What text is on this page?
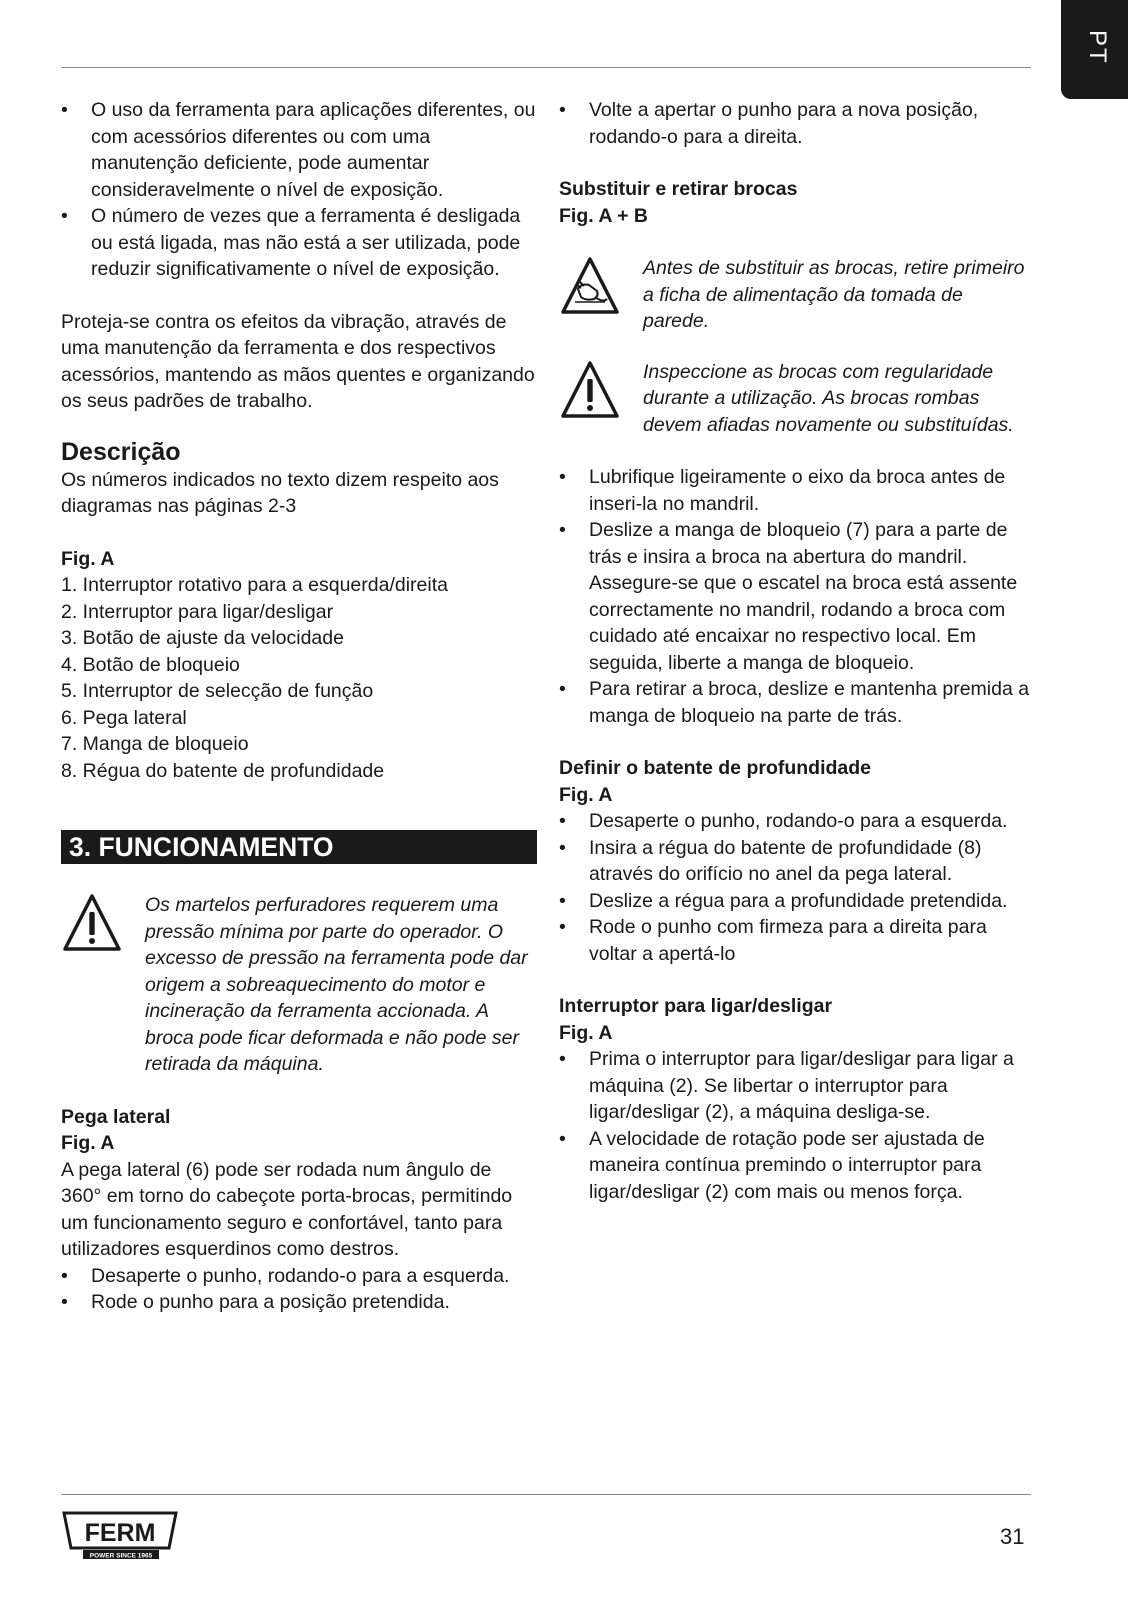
PT
• O uso da ferramenta para aplicações diferentes, ou com acessórios diferentes ou com uma manutenção deficiente, pode aumentar consideravelmente o nível de exposição.
• O número de vezes que a ferramenta é desligada ou está ligada, mas não está a ser utilizada, pode reduzir significativamente o nível de exposição.

Proteja-se contra os efeitos da vibração, através de uma manutenção da ferramenta e dos respectivos acessórios, mantendo as mãos quentes e organizando os seus padrões de trabalho.

Descrição

Os números indicados no texto dizem respeito aos diagramas nas páginas 2-3

Fig. A
1. Interruptor rotativo para a esquerda/direita
2. Interruptor para ligar/desligar
3. Botão de ajuste da velocidade
4. Botão de bloqueio
5. Interruptor de selecção de função
6. Pega lateral
7. Manga de bloqueio
8. Régua do batente de profundidade
3. FUNCIONAMENTO

Os martelos perfuradores requerem uma pressão mínima por parte do operador. O excesso de pressão na ferramenta pode dar origem a sobreaquecimento do motor e incineração da ferramenta accionada. A broca pode ficar deformada e não pode ser retirada da máquina.

Pega lateral
Fig. A

A pega lateral (6) pode ser rodada num ângulo de 360° em torno do cabeçote porta-brocas, permitindo um funcionamento seguro e confortável, tanto para utilizadores esquerdinos como destros.

• Desaperte o punho, rodando-o para a esquerda.
• Rode o punho para a posição pretendida.
• Volte a apertar o punho para a nova posição, rodando-o para a direita.
Substituir e retirar brocas
Fig. A + B

Antes de substituir as brocas, retire primeiro a ficha de alimentação da tomada de parede.

Inspeccione as brocas com regularidade durante a utilização. As brocas rombas devem afiadas novamente ou substituídas.

• Lubrifique ligeiramente o eixo da broca antes de inseri-la no mandril.
• Deslize a manga de bloqueio (7) para a parte de trás e insira a broca na abertura do mandril. Assegure-se que o escatel na broca está assente correctamente no mandril, rodando a broca com cuidado até encaixar no respectivo local. Em seguida, liberte a manga de bloqueio.
• Para retirar a broca, deslize e mantenha premida a manga de bloqueio na parte de trás.
Definir o batente de profundidade
Fig. A
• Desaperte o punho, rodando-o para a esquerda.
• Insira a régua do batente de profundidade (8) através do orifício no anel da pega lateral.
• Deslize a régua para a profundidade pretendida.
• Rode o punho com firmeza para a direita para voltar a apertá-lo
Interruptor para ligar/desligar
Fig. A
• Prima o interruptor para ligar/desligar para ligar a máquina (2). Se libertar o interruptor para ligar/desligar (2), a máquina desliga-se.
• A velocidade de rotação pode ser ajustada de maneira contínua premindo o interruptor para ligar/desligar (2) com mais ou menos força.
FERM
POWER SINCE 1965
31
